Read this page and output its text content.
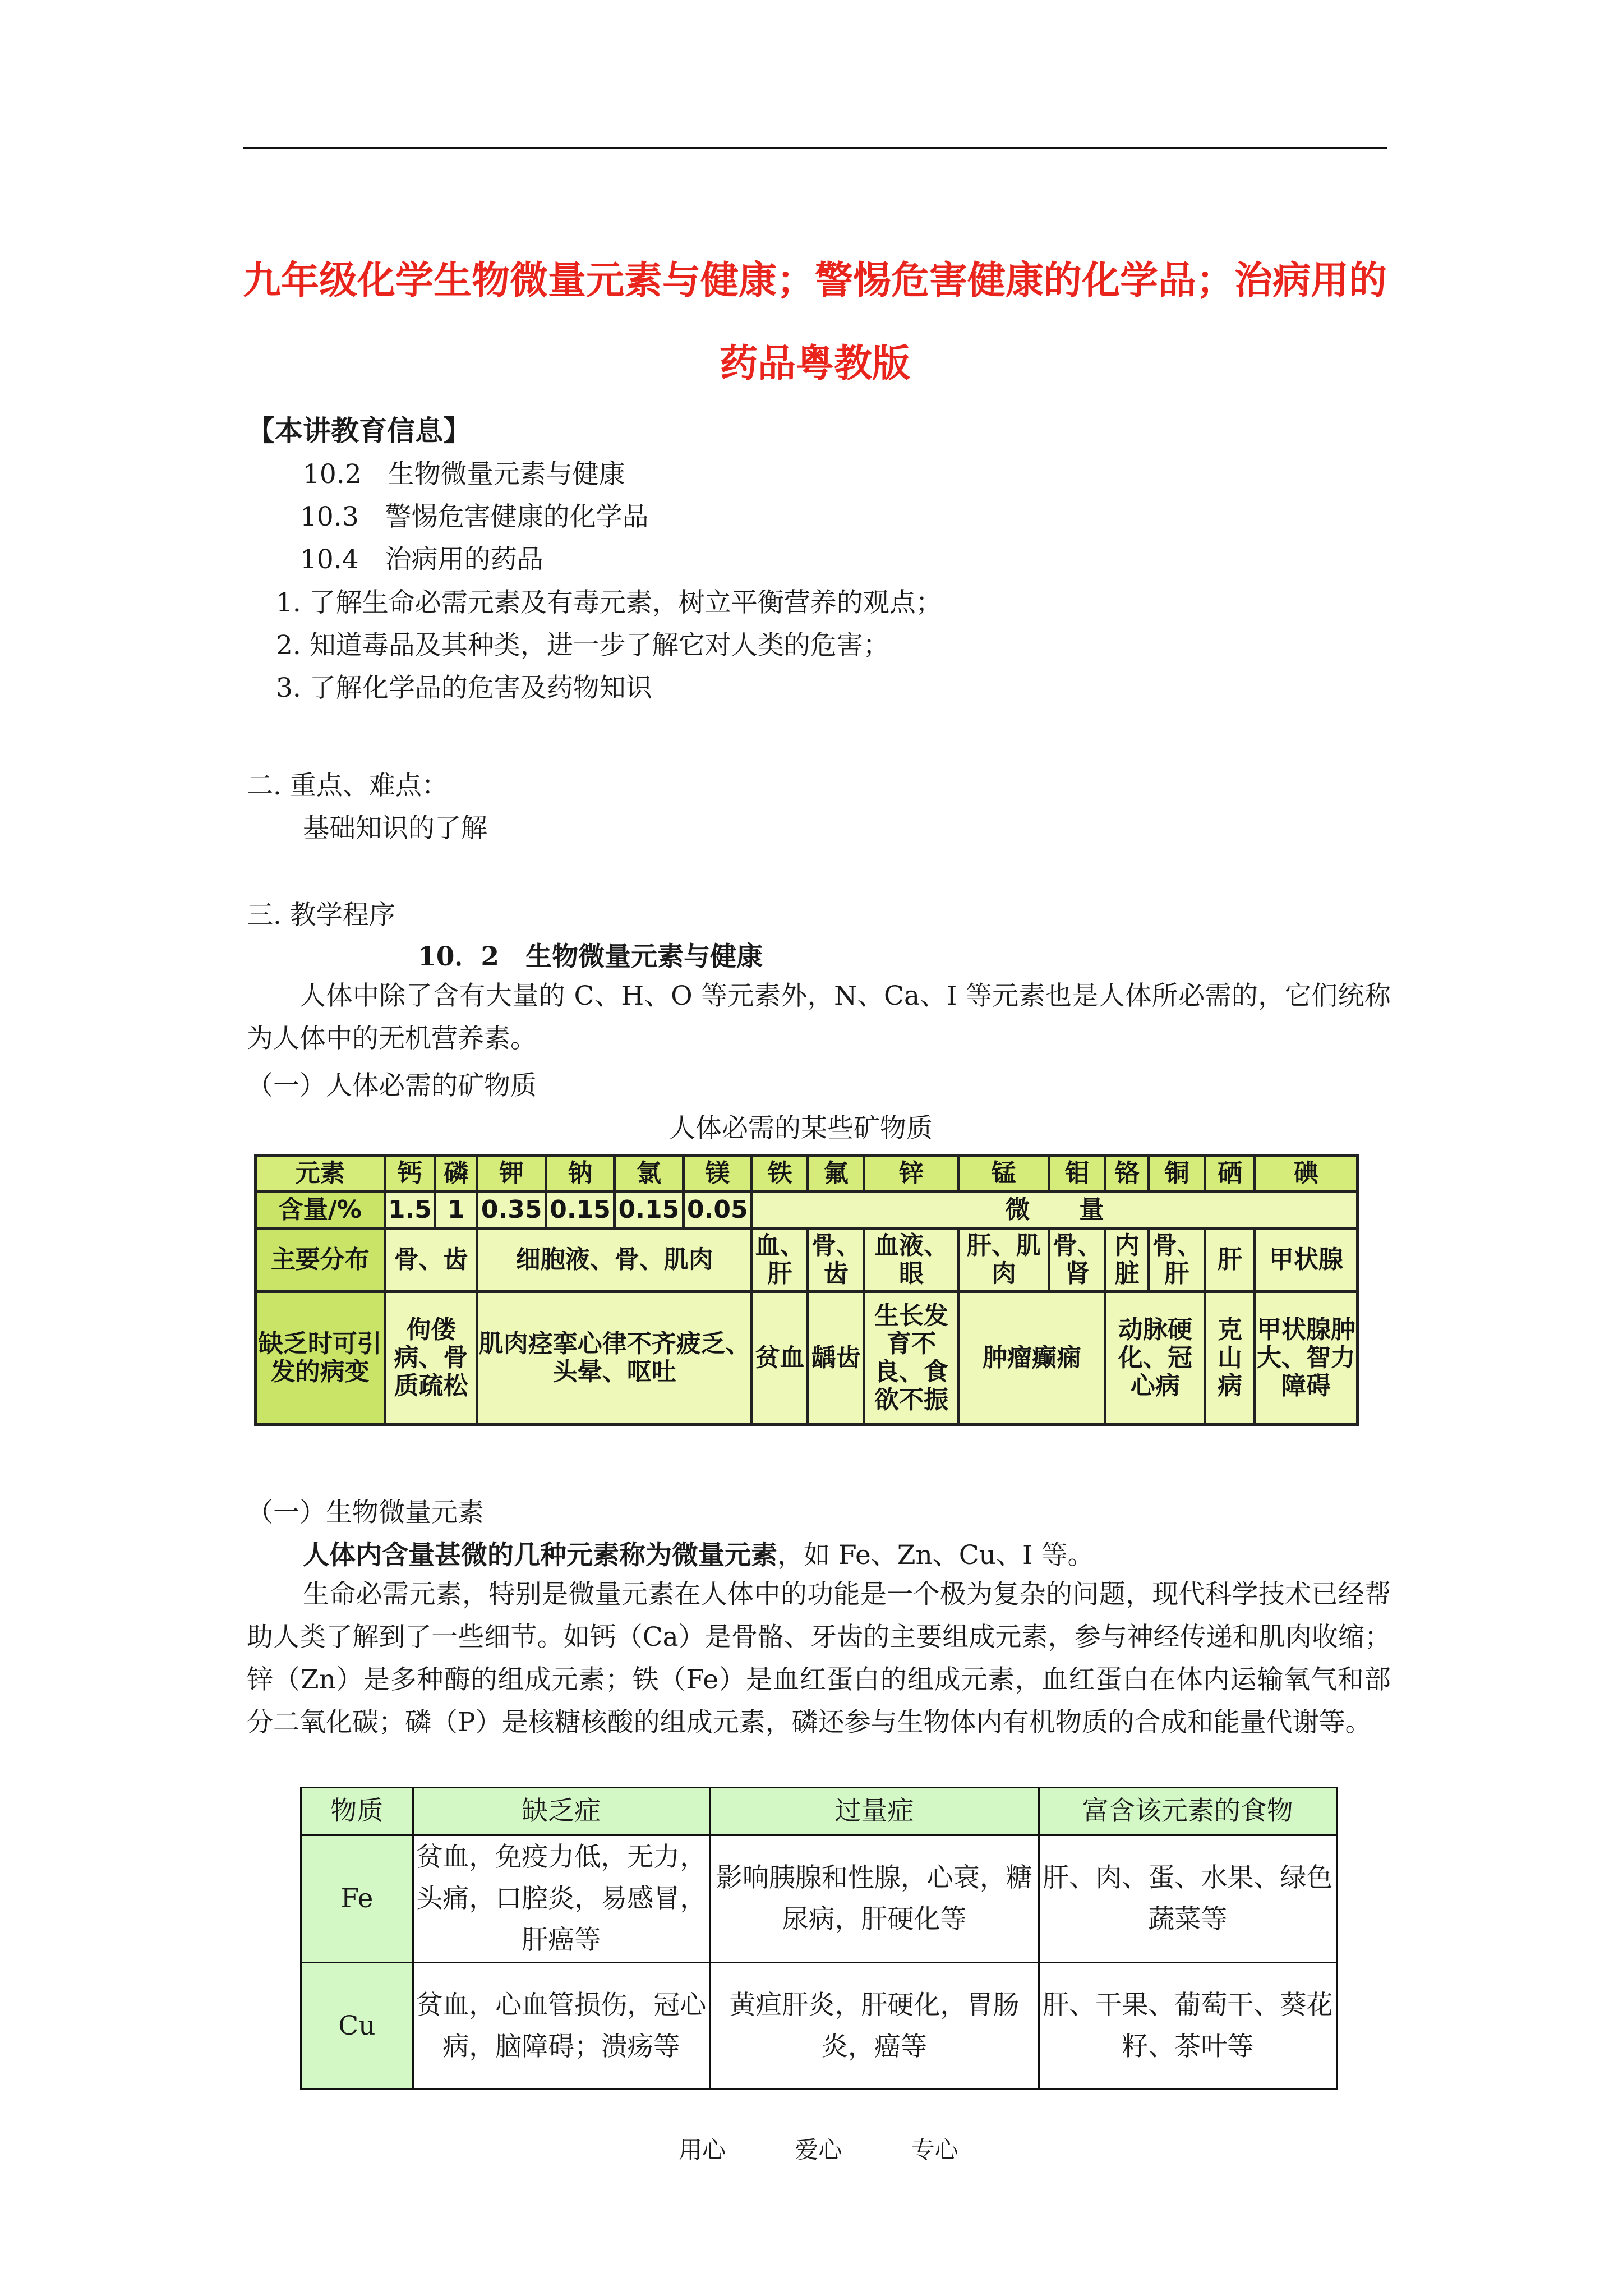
九年级化学生物微量元素与健康；警惕危害健康的化学品；治病用的
药品粤教版
【本讲教育信息】
10.2　生物微量元素与健康
10.3　警惕危害健康的化学品
10.4　治病用的药品
1. 了解生命必需元素及有毒元素，树立平衡营养的观点；
2. 知道毒品及其种类，进一步了解它对人类的危害；
3. 了解化学品的危害及药物知识
二. 重点、难点：
基础知识的了解
三. 教学程序
10．2　生物微量元素与健康
人体中除了含有大量的 C、H、O 等元素外，N、Ca、I 等元素也是人体所必需的，它们统称为人体中的无机营养素。
（一）人体必需的矿物质
人体必需的某些矿物质
元素	钙	磷	钾	钠	氯	镁	铁	氟	锌	锰	钼	铬	铜	硒	碘
含量/%	1.5	1	0.35	0.15	0.15	0.05	微　　量								
主要分布	骨、齿		细胞液、骨、肌肉				血、肝	骨、齿	血液、眼	肝、肌肉	骨、肾	内脏	骨、肝	肝	甲状腺
缺乏时可引发的病变	佝偻病、骨质疏松		肌肉痉挛心律不齐疲乏、头晕、呕吐				贫血	龋齿	生长发育不良、食欲不振	肿瘤癫痫		动脉硬化、冠心病		克山病	甲状腺肿大、智力障碍
（一）生物微量元素
人体内含量甚微的几种元素称为微量元素，如 Fe、Zn、Cu、I 等。
生命必需元素，特别是微量元素在人体中的功能是一个极为复杂的问题，现代科学技术已经帮助人类了解到了一些细节。如钙（Ca）是骨骼、牙齿的主要组成元素，参与神经传递和肌肉收缩；锌（Zn）是多种酶的组成元素；铁（Fe）是血红蛋白的组成元素，血红蛋白在体内运输氧气和部分二氧化碳；磷（P）是核糖核酸的组成元素，磷还参与生物体内有机物质的合成和能量代谢等。
物质	缺乏症	过量症	富含该元素的食物
Fe	贫血，免疫力低，无力，头痛，口腔炎，易感冒，肝癌等	影响胰腺和性腺，心衰，糖尿病，肝硬化等	肝、肉、蛋、水果、绿色蔬菜等
Cu	贫血，心血管损伤，冠心病，脑障碍；溃疡等	黄疸肝炎，肝硬化，胃肠炎，癌等	肝、干果、葡萄干、葵花籽、茶叶等
用心	爱心	专心
